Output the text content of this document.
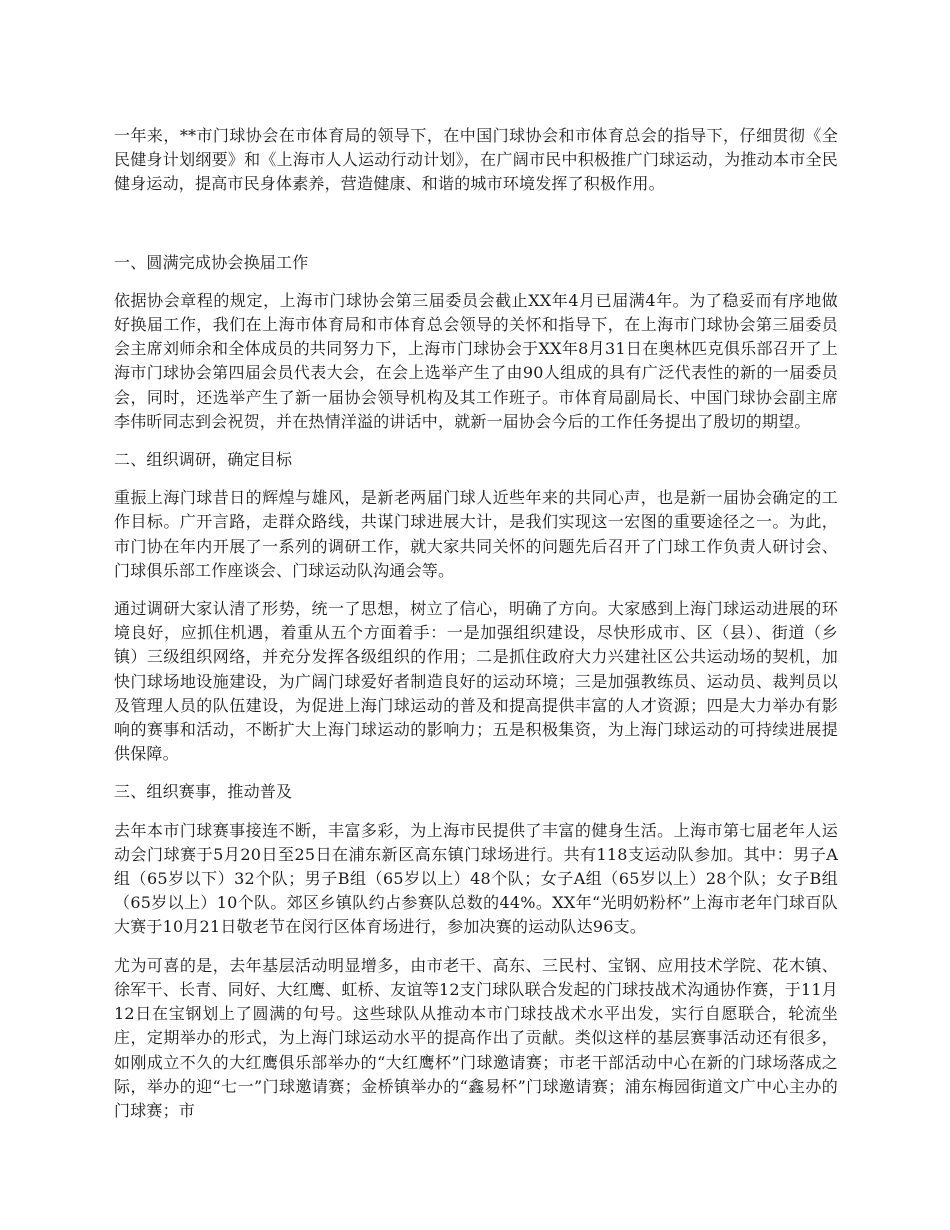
一年来，**市门球协会在市体育局的领导下，在中国门球协会和市体育总会的指导下，仔细贯彻《全民健身计划纲要》和《上海市人人运动行动计划》，在广阔市民中积极推广门球运动，为推动本市全民健身运动，提高市民身体素养，营造健康、和谐的城市环境发挥了积极作用。

一、圆满完成协会换届工作

依据协会章程的规定，上海市门球协会第三届委员会截止XX年4月已届满4年。为了稳妥而有序地做好换届工作，我们在上海市体育局和市体育总会领导的关怀和指导下，在上海市门球协会第三届委员会主席刘师余和全体成员的共同努力下，上海市门球协会于XX年8月31日在奥林匹克俱乐部召开了上海市门球协会第四届会员代表大会，在会上选举产生了由90人组成的具有广泛代表性的新的一届委员会，同时，还选举产生了新一届协会领导机构及其工作班子。市体育局副局长、中国门球协会副主席李伟昕同志到会祝贺，并在热情洋溢的讲话中，就新一届协会今后的工作任务提出了殷切的期望。

二、组织调研，确定目标

重振上海门球昔日的辉煌与雄风，是新老两届门球人近些年来的共同心声，也是新一届协会确定的工作目标。广开言路，走群众路线，共谋门球进展大计，是我们实现这一宏图的重要途径之一。为此，市门协在年内开展了一系列的调研工作，就大家共同关怀的问题先后召开了门球工作负责人研讨会、门球俱乐部工作座谈会、门球运动队沟通会等。

通过调研大家认清了形势，统一了思想，树立了信心，明确了方向。大家感到上海门球运动进展的环境良好，应抓住机遇，着重从五个方面着手：一是加强组织建设，尽快形成市、区（县）、街道（乡镇）三级组织网络，并充分发挥各级组织的作用；二是抓住政府大力兴建社区公共运动场的契机，加快门球场地设施建设，为广阔门球爱好者制造良好的运动环境；三是加强教练员、运动员、裁判员以及管理人员的队伍建设，为促进上海门球运动的普及和提高提供丰富的人才资源；四是大力举办有影响的赛事和活动，不断扩大上海门球运动的影响力；五是积极集资，为上海门球运动的可持续进展提供保障。

三、组织赛事，推动普及

去年本市门球赛事接连不断，丰富多彩，为上海市民提供了丰富的健身生活。上海市第七届老年人运动会门球赛于5月20日至25日在浦东新区高东镇门球场进行。共有118支运动队参加。其中：男子A组（65岁以下）32个队；男子B组（65岁以上）48个队；女子A组（65岁以上）28个队；女子B组（65岁以上）10个队。郊区乡镇队约占参赛队总数的44%。XX年“光明奶粉杯”上海市老年门球百队大赛于10月21日敬老节在闵行区体育场进行，参加决赛的运动队达96支。

尤为可喜的是，去年基层活动明显增多，由市老干、高东、三民村、宝钢、应用技术学院、花木镇、徐军干、长青、同好、大红鹰、虹桥、友谊等12支门球队联合发起的门球技战术沟通协作赛，于11月12日在宝钢划上了圆满的句号。这些球队从推动本市门球技战术水平出发，实行自愿联合，轮流坐庄，定期举办的形式，为上海门球运动水平的提高作出了贡献。类似这样的基层赛事活动还有很多，如刚成立不久的大红鹰俱乐部举办的“大红鹰杯”门球邀请赛；市老干部活动中心在新的门球场落成之际，举办的迎“七一”门球邀请赛；金桥镇举办的“鑫易杯”门球邀请赛；浦东梅园街道文广中心主办的门球赛；市
